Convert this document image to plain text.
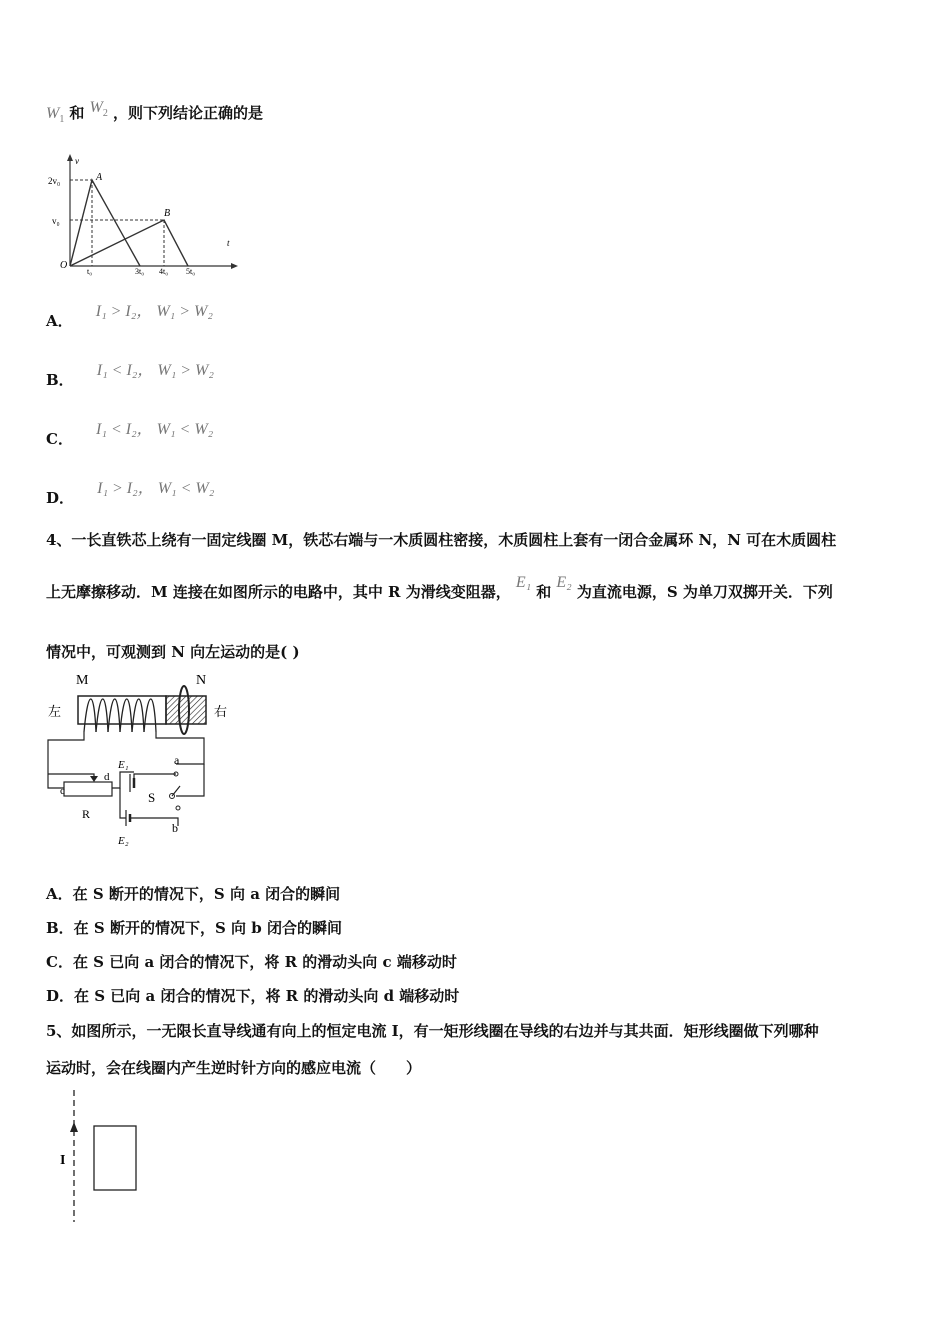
$W_1$ 和 $W_2$ ，则下列结论正确的是
v
t
2v₀
v₀
O
t₀	3t₀ 4t₀ 5t₀
A
B
A． I₁ > I₂， W₁ > W₂
B． I₁ < I₂， W₁ > W₂
C． I₁ < I₂， W₁ < W₂
D． I₁ > I₂， W₁ < W₂
4、一长直铁芯上绕有一固定线圈 M，铁芯右端与一木质圆柱密接，木质圆柱上套有一闭合金属环 N，N 可在木质圆柱
上无摩擦移动．M 连接在如图所示的电路中，其中 R 为滑线变阻器， E₁ 和 E₂ 为直流电源，S 为单刀双掷开关．下列
情况中，可观测到 N 向左运动的是( )
M	N
左	右
c
d
R
E₁
E₂
a
b
S
A．在 S 断开的情况下，S 向 a 闭合的瞬间
B．在 S 断开的情况下，S 向 b 闭合的瞬间
C．在 S 已向 a 闭合的情况下，将 R 的滑动头向 c 端移动时
D．在 S 已向 a 闭合的情况下，将 R 的滑动头向 d 端移动时
5、如图所示，一无限长直导线通有向上的恒定电流 I，有一矩形线圈在导线的右边并与其共面．矩形线圈做下列哪种
运动时，会在线圈内产生逆时针方向的感应电流（　　）
I
